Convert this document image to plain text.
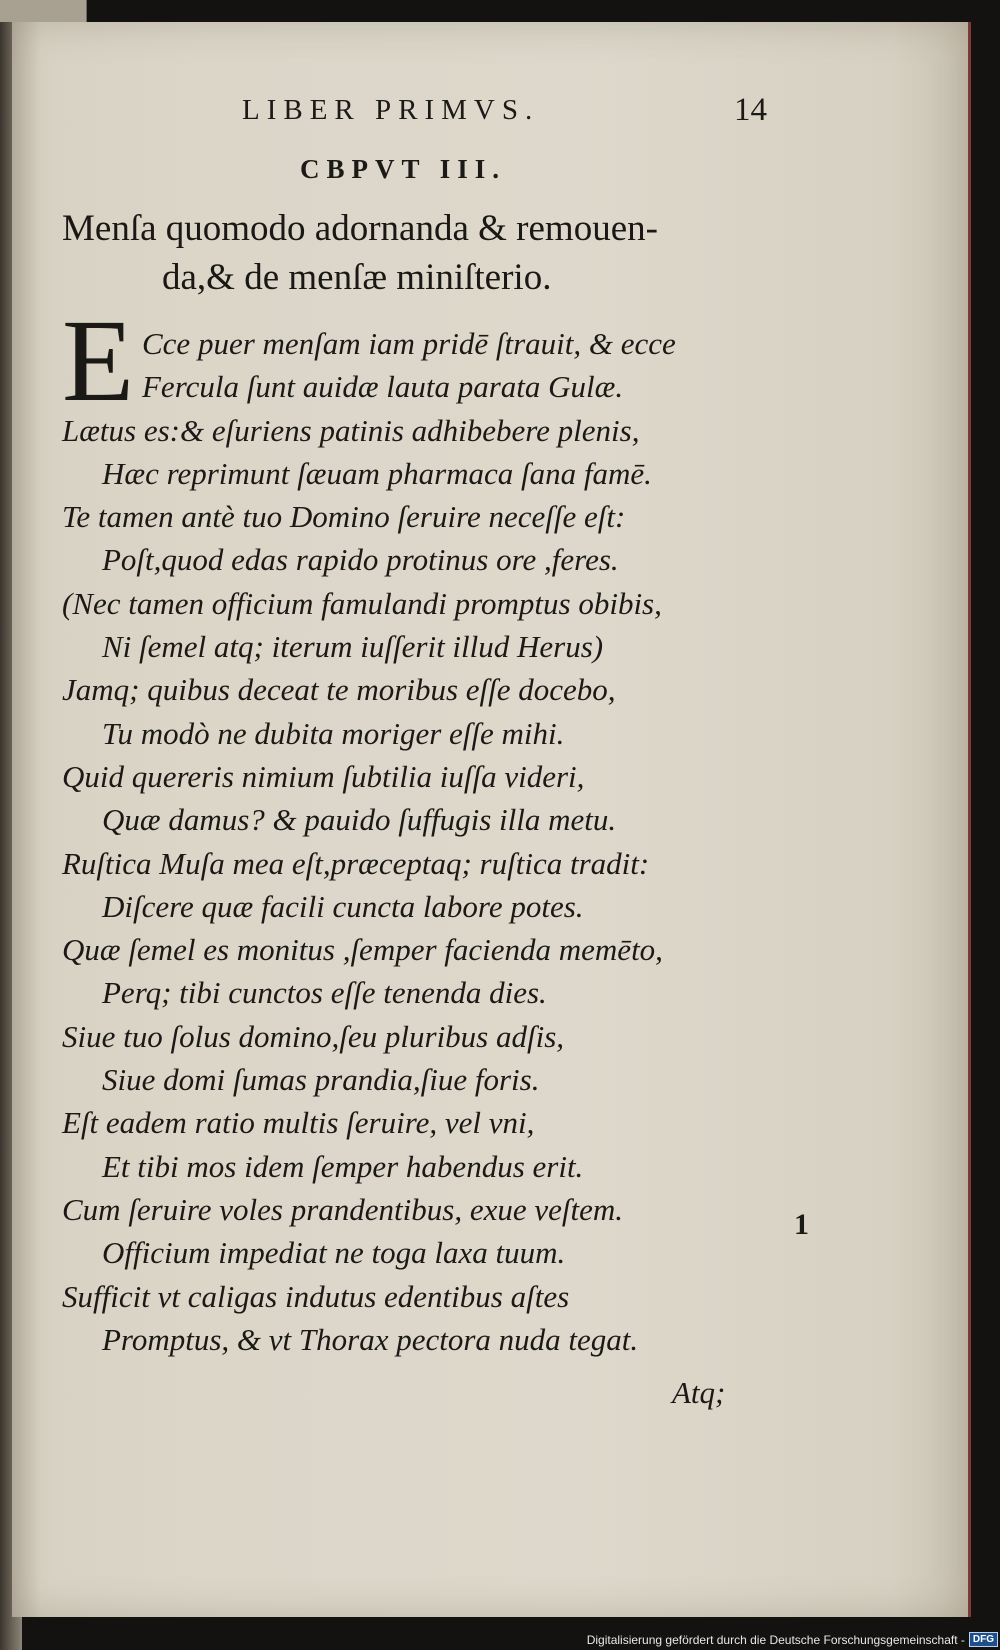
LIBER PRIMVS.	14
CBPVT III.
Menſa quomodo adornanda & remouen-
da,& de menſæ miniſterio.
E Cce puer menſam iam pridē ſtrauit, & ecce
Fercula ſunt auidæ lauta parata Gulæ.
Lætus es:& eſuriens patinis adhibebere plenis,
Hæc reprimunt ſæuam pharmaca ſana famē.
Te tamen antè tuo Domino ſeruire neceſſe eſt:
Poſt,quod edas rapido protinus ore ,feres.
(Nec tamen officium famulandi promptus obibis,
Ni ſemel atq; iterum iuſſerit illud Herus)
Jamq; quibus deceat te moribus eſſe docebo,
Tu modò ne dubita moriger eſſe mihi.
Quid quereris nimium ſubtilia iuſſa videri,
Quæ damus? & pauido ſuffugis illa metu.
Ruſtica Muſa mea eſt,præceptaq; ruſtica tradit:
Diſcere quæ facili cuncta labore potes.
Quæ ſemel es monitus ,ſemper facienda memēto,
Perq; tibi cunctos eſſe tenenda dies.
Siue tuo ſolus domino,ſeu pluribus adſis,
Siue domi ſumas prandia,ſiue foris.
Eſt eadem ratio multis ſeruire, vel vni,
Et tibi mos idem ſemper habendus erit.
Cum ſeruire voles prandentibus, exue veſtem.
Officium impediat ne toga laxa tuum.
Sufficit vt caligas indutus edentibus aſtes
Promptus, & vt Thorax pectora nuda tegat.
1
Atq;
Digitalisierung gefördert durch die Deutsche Forschungsgemeinschaft - DFG
